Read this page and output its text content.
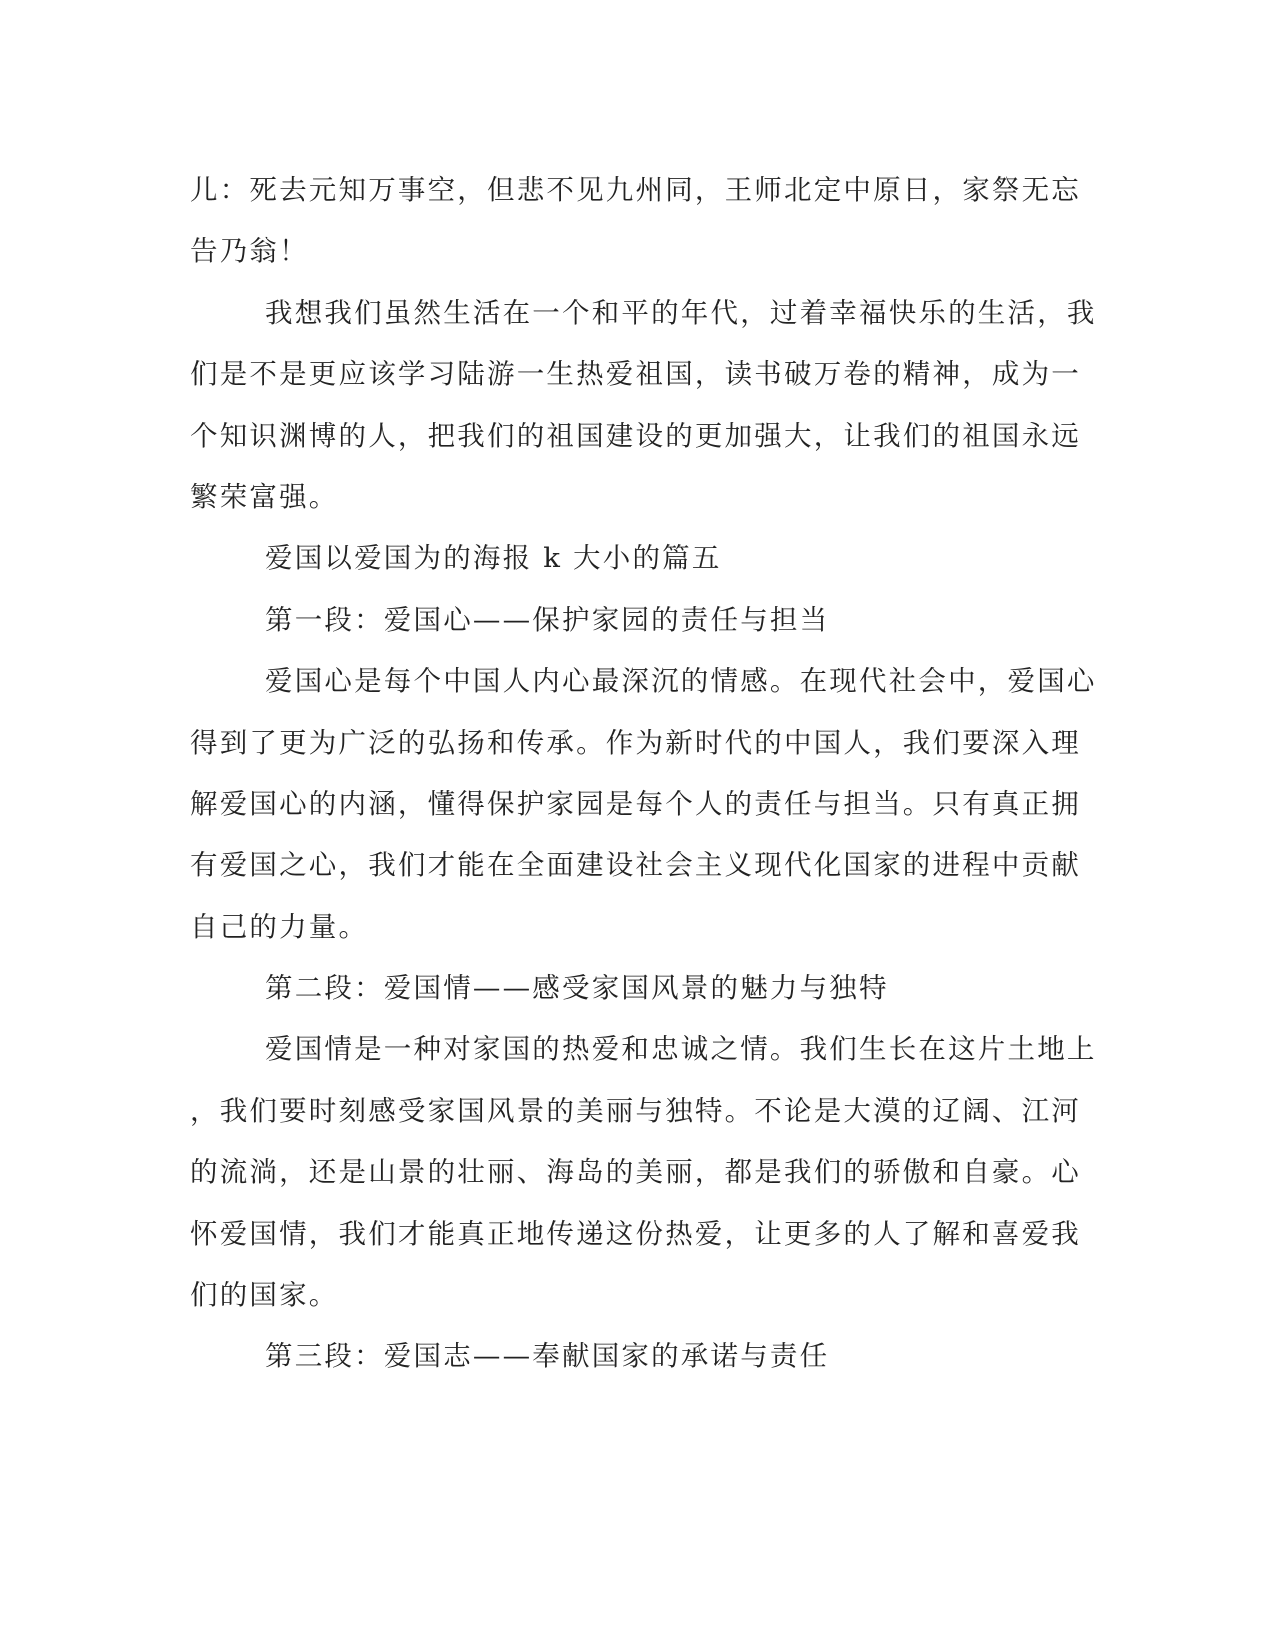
儿：死去元知万事空，但悲不见九州同，王师北定中原日，家祭无忘
告乃翁！
我想我们虽然生活在一个和平的年代，过着幸福快乐的生活，我
们是不是更应该学习陆游一生热爱祖国，读书破万卷的精神，成为一
个知识渊博的人，把我们的祖国建设的更加强大，让我们的祖国永远
繁荣富强。
爱国以爱国为的海报 k 大小的篇五
第一段：爱国心——保护家园的责任与担当
爱国心是每个中国人内心最深沉的情感。在现代社会中，爱国心
得到了更为广泛的弘扬和传承。作为新时代的中国人，我们要深入理
解爱国心的内涵，懂得保护家园是每个人的责任与担当。只有真正拥
有爱国之心，我们才能在全面建设社会主义现代化国家的进程中贡献
自己的力量。
第二段：爱国情——感受家国风景的魅力与独特
爱国情是一种对家国的热爱和忠诚之情。我们生长在这片土地上
，我们要时刻感受家国风景的美丽与独特。不论是大漠的辽阔、江河
的流淌，还是山景的壮丽、海岛的美丽，都是我们的骄傲和自豪。心
怀爱国情，我们才能真正地传递这份热爱，让更多的人了解和喜爱我
们的国家。
第三段：爱国志——奉献国家的承诺与责任
